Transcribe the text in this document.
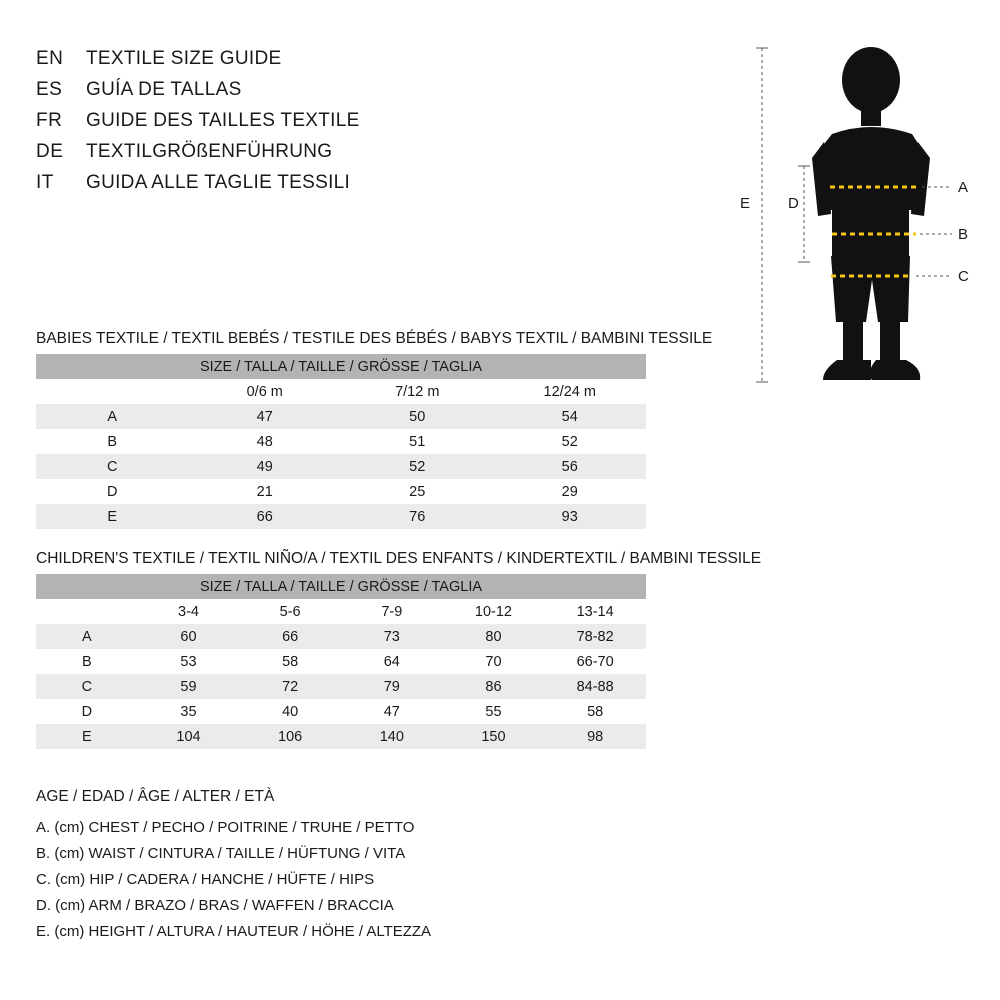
EN	TEXTILE SIZE GUIDE
ES	GUÍA DE TALLAS
FR	GUIDE DES TAILLES TEXTILE
DE	TEXTILGRÖßENFÜHRUNG
IT	GUIDA ALLE TAGLIE TESSILI	A
B
C
D
E
BABIES TEXTILE / TEXTIL BEBÉS / TESTILE DES BÉBÉS / BABYS TEXTIL / BAMBINI TESSILE
SIZE / TALLA / TAILLE / GRÖSSE / TAGLIA			
	0/6 m	7/12 m	12/24 m
A	47	50	54
B	48	51	52
C	49	52	56
D	21	25	29
E	66	76	93
CHILDREN'S TEXTILE / TEXTIL NIÑO/A / TEXTIL DES ENFANTS / KINDERTEXTIL / BAMBINI TESSILE
SIZE / TALLA / TAILLE / GRÖSSE / TAGLIA					
	3-4	5-6	7-9	10-12	13-14
A	60	66	73	80	78-82
B	53	58	64	70	66-70
C	59	72	79	86	84-88
D	35	40	47	55	58
E	104	106	140	150	98
AGE / EDAD / ÂGE / ALTER / ETÀ
A. (cm) CHEST / PECHO / POITRINE / TRUHE / PETTO
B. (cm) WAIST / CINTURA / TAILLE / HÜFTUNG / VITA
C. (cm) HIP / CADERA / HANCHE / HÜFTE / HIPS
D. (cm) ARM / BRAZO / BRAS / WAFFEN / BRACCIA
E. (cm) HEIGHT / ALTURA / HAUTEUR / HÖHE / ALTEZZA
